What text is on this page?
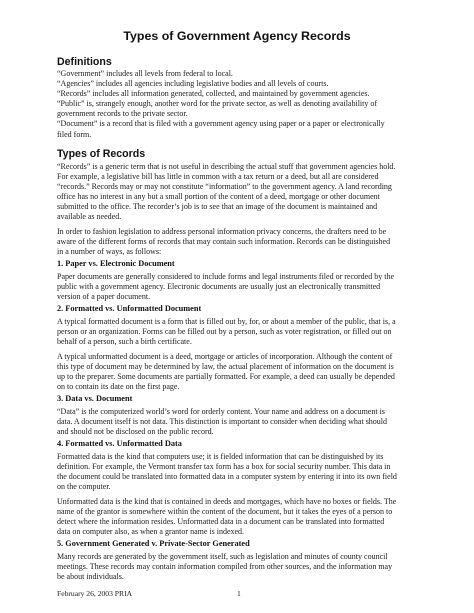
Types of Government Agency Records
Definitions
“Government” includes all levels from federal to local.
“Agencies” includes all agencies including legislative bodies and all levels of courts.
“Records” includes all information generated, collected, and maintained by government agencies.
“Public” is, strangely enough, another word for the private sector, as well as denoting availability of
government records to the private sector.
“Document” is a record that is filed with a government agency using paper or a paper or electronically
filed form.
Types of Records
“Records” is a generic term that is not useful in describing the actual stuff that government agencies hold.
For example, a legislative bill has little in common with a tax return or a deed, but all are considered
“records.” Records may or may not constitute “information” to the government agency. A land recording
office has no interest in any but a small portion of the content of a deed, mortgage or other document
submitted to the office. The recorder’s job is to see that an image of the document is maintained and
available as needed.
In order to fashion legislation to address personal information privacy concerns, the drafters need to be
aware of the different forms of records that may contain such information. Records can be distinguished
in a number of ways, as follows:
1. Paper vs. Electronic Document
Paper documents are generally considered to include forms and legal instruments filed or recorded by the
public with a government agency. Electronic documents are usually just an electronically transmitted
version of a paper document.
2. Formatted vs. Unformatted Document
A typical formatted document is a form that is filled out by, for, or about a member of the public, that is, a
person or an organization. Forms can be filled out by a person, such as voter registration, or filled out on
behalf of a person, such a birth certificate.
A typical unformatted document is a deed, mortgage or articles of incorporation. Although the content of
this type of document may be determined by law, the actual placement of information on the document is
up to the preparer. Some documents are partially formatted. For example, a deed can usually be depended
on to contain its date on the first page.
3. Data vs. Document
“Data” is the computerized world’s word for orderly content. Your name and address on a document is
data. A document itself is not data. This distinction is important to consider when deciding what should
and should not be disclosed on the public record.
4. Formatted vs. Unformatted Data
Formatted data is the kind that computers use; it is fielded information that can be distinguished by its
definition. For example, the Vermont transfer tax form has a box for social security number. This data in
the document could be translated into formatted data in a computer system by entering it into its own field
on the computer.
Unformatted data is the kind that is contained in deeds and mortgages, which have no boxes or fields. The
name of the grantor is somewhere within the content of the document, but it takes the eyes of a person to
detect where the information resides. Unformatted data in a document can be translated into formatted
data on computer also, as when a grantor name is indexed.
5. Government Generated v. Private-Sector Generated
Many records are generated by the government itself, such as legislation and minutes of county council
meetings. These records may contain information compiled from other sources, and the information may
be about individuals.
February 26, 2003 PRIA	1
